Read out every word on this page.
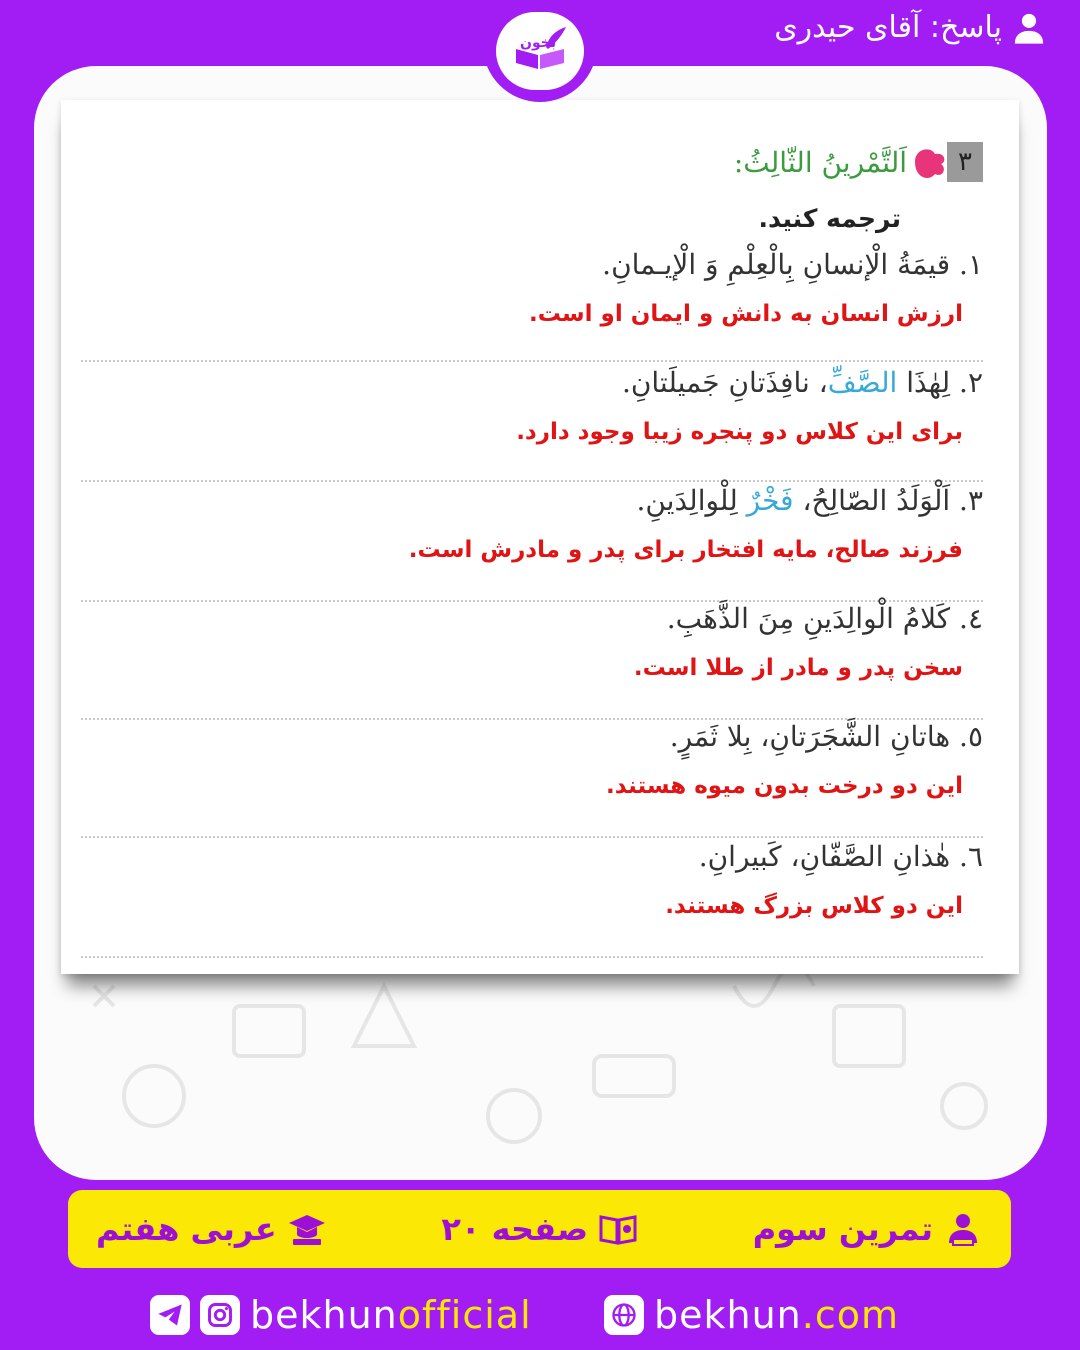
پاسخ: آقای حیدری
بخون
٣
اَلتَّمْرینُ الثّالِثُ:
ترجمه کنید.
١. قیمَةُ الْإنسانِ بِالْعِلْمِ وَ الْإیـمانِ.
ارزش انسان به دانش و ایمان او است.
٢. لِهٰذَا الصَّفِّ، نافِذَتانِ جَمیلَتانِ.
برای این کلاس دو پنجره زیبا وجود دارد.
٣. اَلْوَلَدُ الصّالِحُ، فَخْرٌ لِلْوالِدَینِ.
فرزند صالح، مایه افتخار برای پدر و مادرش است.
٤. کَلامُ الْوالِدَینِ مِنَ الذَّهَبِ.
سخن پدر و مادر از طلا است.
٥. هاتانِ الشَّجَرَتانِ، بِلا ثَمَرٍ.
این دو درخت بدون میوه هستند.
٦. هٰذانِ الصَّفّانِ، کَبیرانِ.
این دو کلاس بزرگ هستند.
تمرین سوم
صفحه ۲۰
عربی هفتم
bekhunofficial	bekhun.com
